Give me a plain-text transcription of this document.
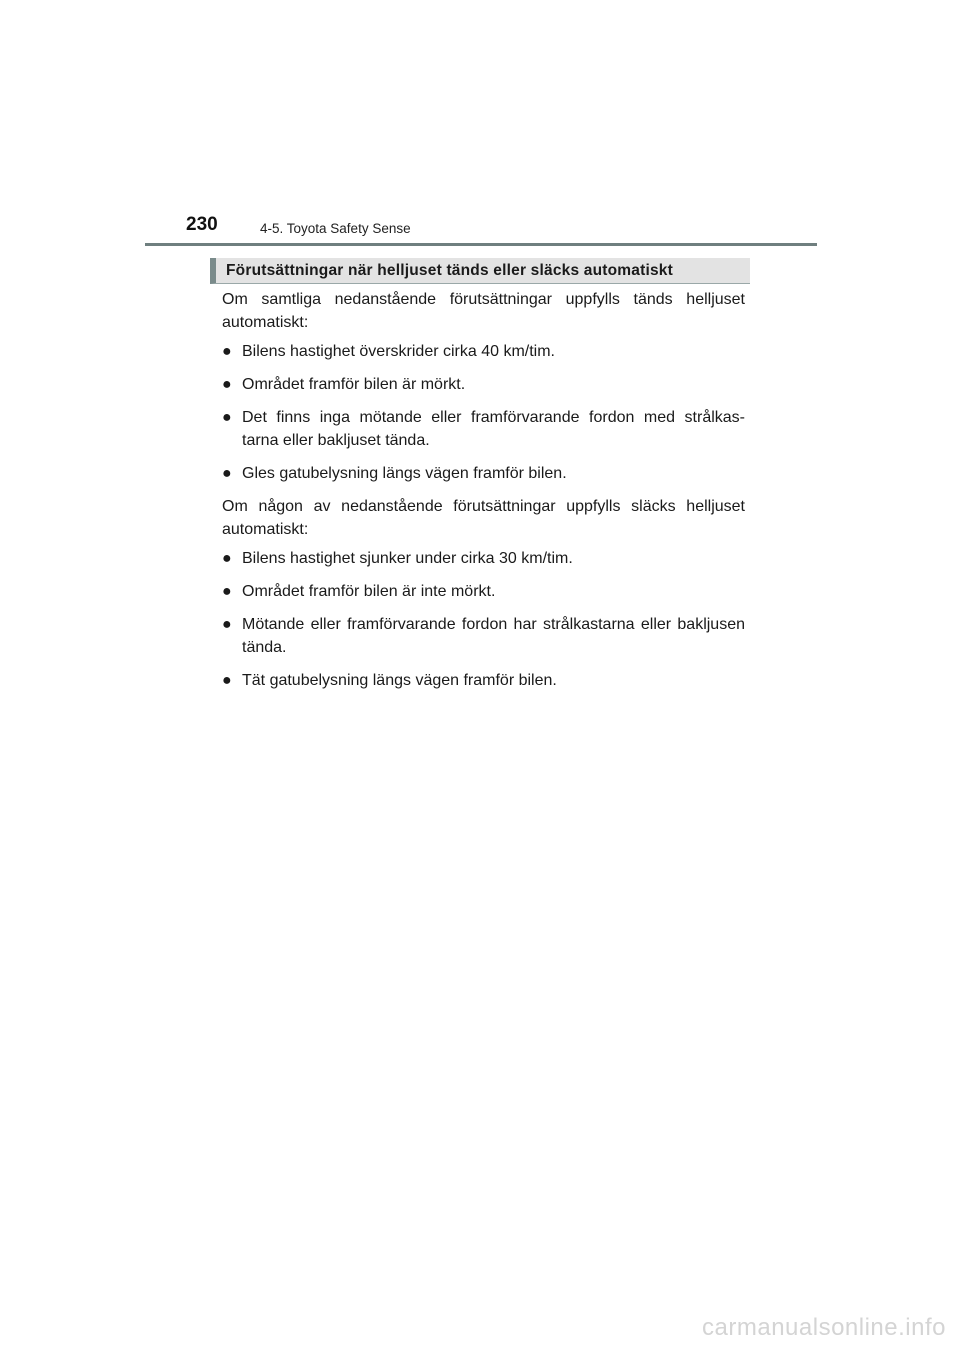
230	4-5. Toyota Safety Sense
Förutsättningar när helljuset tänds eller släcks automatiskt

Om samtliga nedanstående förutsättningar uppfylls tänds helljuset automatiskt:

● Bilens hastighet överskrider cirka 40 km/tim.
● Området framför bilen är mörkt.
● Det finns inga mötande eller framförvarande fordon med strålkas- tarna eller bakljuset tända.
● Gles gatubelysning längs vägen framför bilen.

Om någon av nedanstående förutsättningar uppfylls släcks helljuset automatiskt:

● Bilens hastighet sjunker under cirka 30 km/tim.
● Området framför bilen är inte mörkt.
● Mötande eller framförvarande fordon har strålkastarna eller bakljusen tända.
● Tät gatubelysning längs vägen framför bilen.
carmanualsonline.info
